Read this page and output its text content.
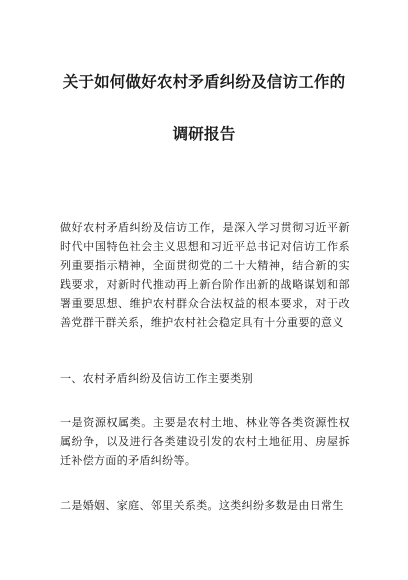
关于如何做好农村矛盾纠纷及信访工作的
调研报告
做好农村矛盾纠纷及信访工作，是深入学习贯彻习近平新时代中国特色社会主义思想和习近平总书记对信访工作系列重要指示精神，全面贯彻党的二十大精神，结合新的实践要求，对新时代推动再上新台阶作出新的战略谋划和部署重要思想、维护农村群众合法权益的根本要求，对于改善党群干群关系，维护农村社会稳定具有十分重要的意义
一、农村矛盾纠纷及信访工作主要类别
一是资源权属类。主要是农村土地、林业等各类资源性权属纷争，以及进行各类建设引发的农村土地征用、房屋拆迁补偿方面的矛盾纠纷等。
二是婚姻、家庭、邻里关系类。这类纠纷多数是由日常生
